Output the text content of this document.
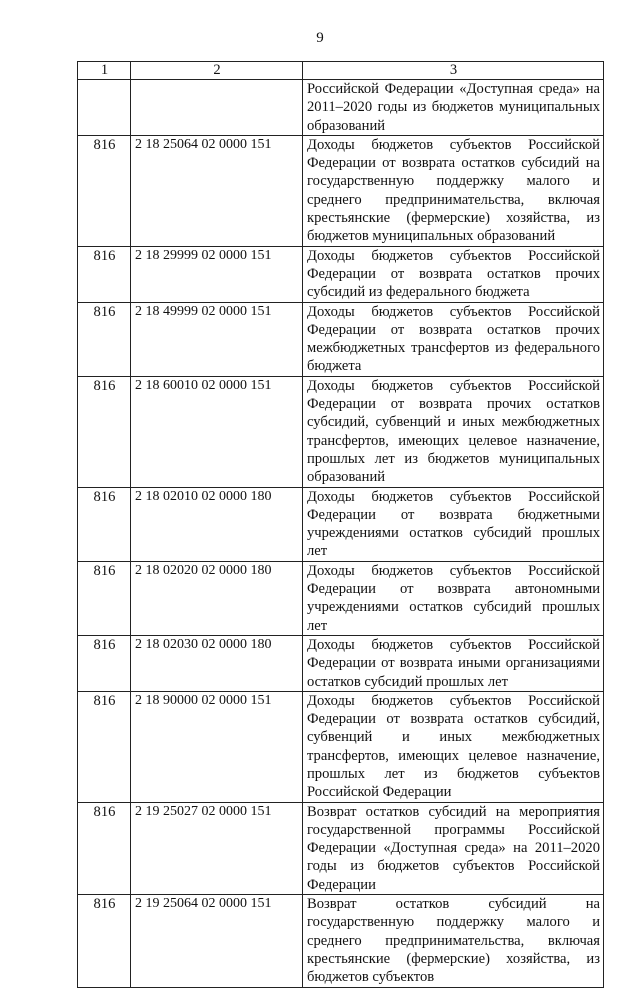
9
1	2	3
		Российской Федерации «Доступная среда» на 2011–2020 годы из бюджетов муниципальных образований
816	2 18 25064 02 0000 151	Доходы бюджетов субъектов Российской Федерации от возврата остатков субсидий на государственную поддержку малого и среднего предпринимательства, включая крестьянские (фермерские) хозяйства, из бюджетов муниципальных образований
816	2 18 29999 02 0000 151	Доходы бюджетов субъектов Российской Федерации от возврата остатков прочих субсидий из федерального бюджета
816	2 18 49999 02 0000 151	Доходы бюджетов субъектов Российской Федерации от возврата остатков прочих межбюджетных трансфертов из федерального бюджета
816	2 18 60010 02 0000 151	Доходы бюджетов субъектов Российской Федерации от возврата прочих остатков субсидий, субвенций и иных межбюджетных трансфертов, имеющих целевое назначение, прошлых лет из бюджетов муниципальных образований
816	2 18 02010 02 0000 180	Доходы бюджетов субъектов Российской Федерации от возврата бюджетными учреждениями остатков субсидий прошлых лет
816	2 18 02020 02 0000 180	Доходы бюджетов субъектов Российской Федерации от возврата автономными учреждениями остатков субсидий прошлых лет
816	2 18 02030 02 0000 180	Доходы бюджетов субъектов Российской Федерации от возврата иными организациями остатков субсидий прошлых лет
816	2 18 90000 02 0000 151	Доходы бюджетов субъектов Российской Федерации от возврата остатков субсидий, субвенций и иных межбюджетных трансфертов, имеющих целевое назначение, прошлых лет из бюджетов субъектов Российской Федерации
816	2 19 25027 02 0000 151	Возврат остатков субсидий на мероприятия государственной программы Российской Федерации «Доступная среда» на 2011–2020 годы из бюджетов субъектов Российской Федерации
816	2 19 25064 02 0000 151	Возврат остатков субсидий на государственную поддержку малого и среднего предпринимательства, включая крестьянские (фермерские) хозяйства, из бюджетов субъектов
